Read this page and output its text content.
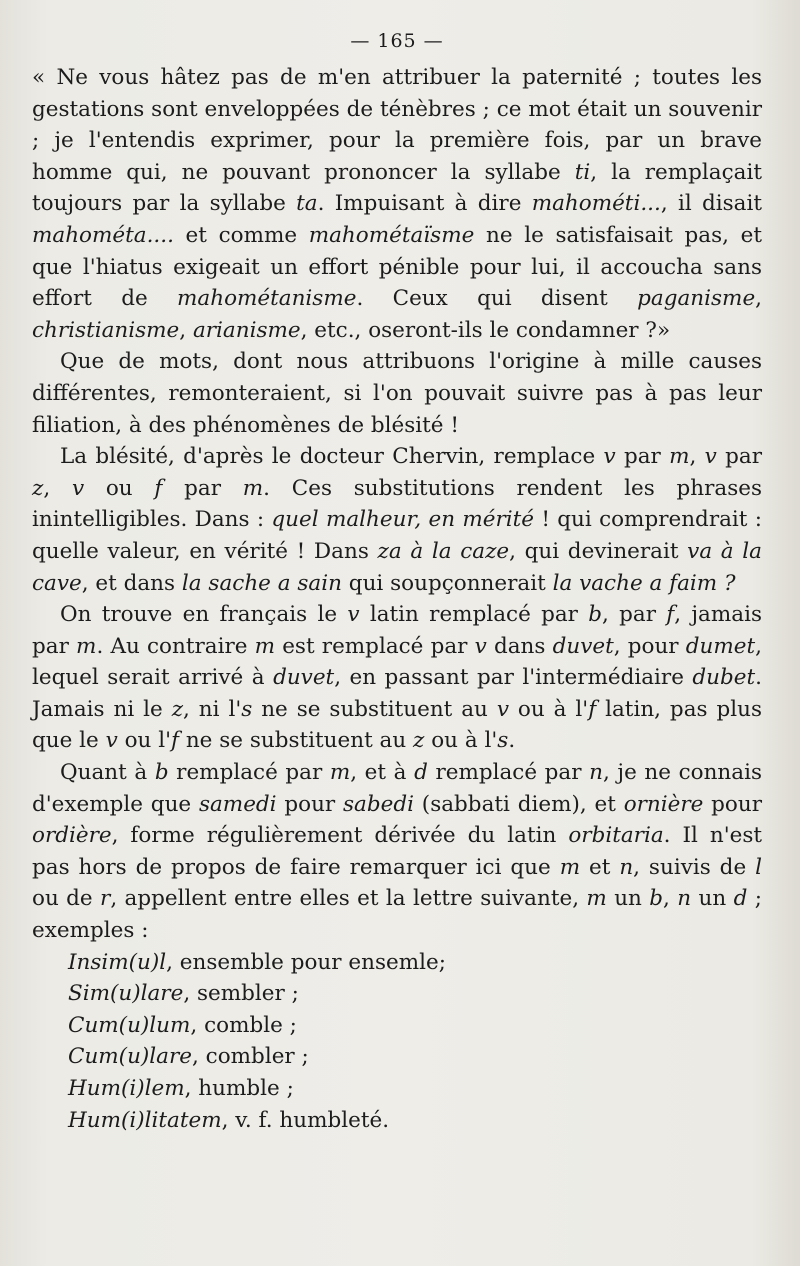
— 165 —

« Ne vous hâtez pas de m'en attribuer la paternité ; toutes les gestations sont enveloppées de ténèbres ; ce mot était un souvenir ; je l'entendis exprimer, pour la première fois, par un brave homme qui, ne pouvant prononcer la syllabe ti, la remplaçait toujours par la syllabe ta. Impuisant à dire mahométi..., il disait mahométa.... et comme mahométaïsme ne le satisfaisait pas, et que l'hiatus exigeait un effort pénible pour lui, il accoucha sans effort de mahométanisme. Ceux qui disent paganisme, christianisme, arianisme, etc., oseront-ils le condamner ?»

Que de mots, dont nous attribuons l'origine à mille causes différentes, remonteraient, si l'on pouvait suivre pas à pas leur filiation, à des phénomènes de blésité !

La blésité, d'après le docteur Chervin, remplace v par m, v par z, v ou f par m. Ces substitutions rendent les phrases inintelligibles. Dans : quel malheur, en mérité ! qui comprendrait : quelle valeur, en vérité ! Dans za à la caze, qui devinerait va à la cave, et dans la sache a sain qui soupçonnerait la vache a faim ?

On trouve en français le v latin remplacé par b, par f, jamais par m. Au contraire m est remplacé par v dans duvet, pour dumet, lequel serait arrivé à duvet, en passant par l'intermédiaire dubet. Jamais ni le z, ni l's ne se substituent au v ou à l'f latin, pas plus que le v ou l'f ne se substituent au z ou à l's.

Quant à b remplacé par m, et à d remplacé par n, je ne connais d'exemple que samedi pour sabedi (sabbati diem), et ornière pour ordière, forme régulièrement dérivée du latin orbitaria. Il n'est pas hors de propos de faire remarquer ici que m et n, suivis de l ou de r, appellent entre elles et la lettre suivante, m un b, n un d ; exemples :

Insim(u)l, ensemble pour ensemle;

Sim(u)lare, sembler ;

Cum(u)lum, comble ;

Cum(u)lare, combler ;

Hum(i)lem, humble ;

Hum(i)litatem, v. f. humbleté.
